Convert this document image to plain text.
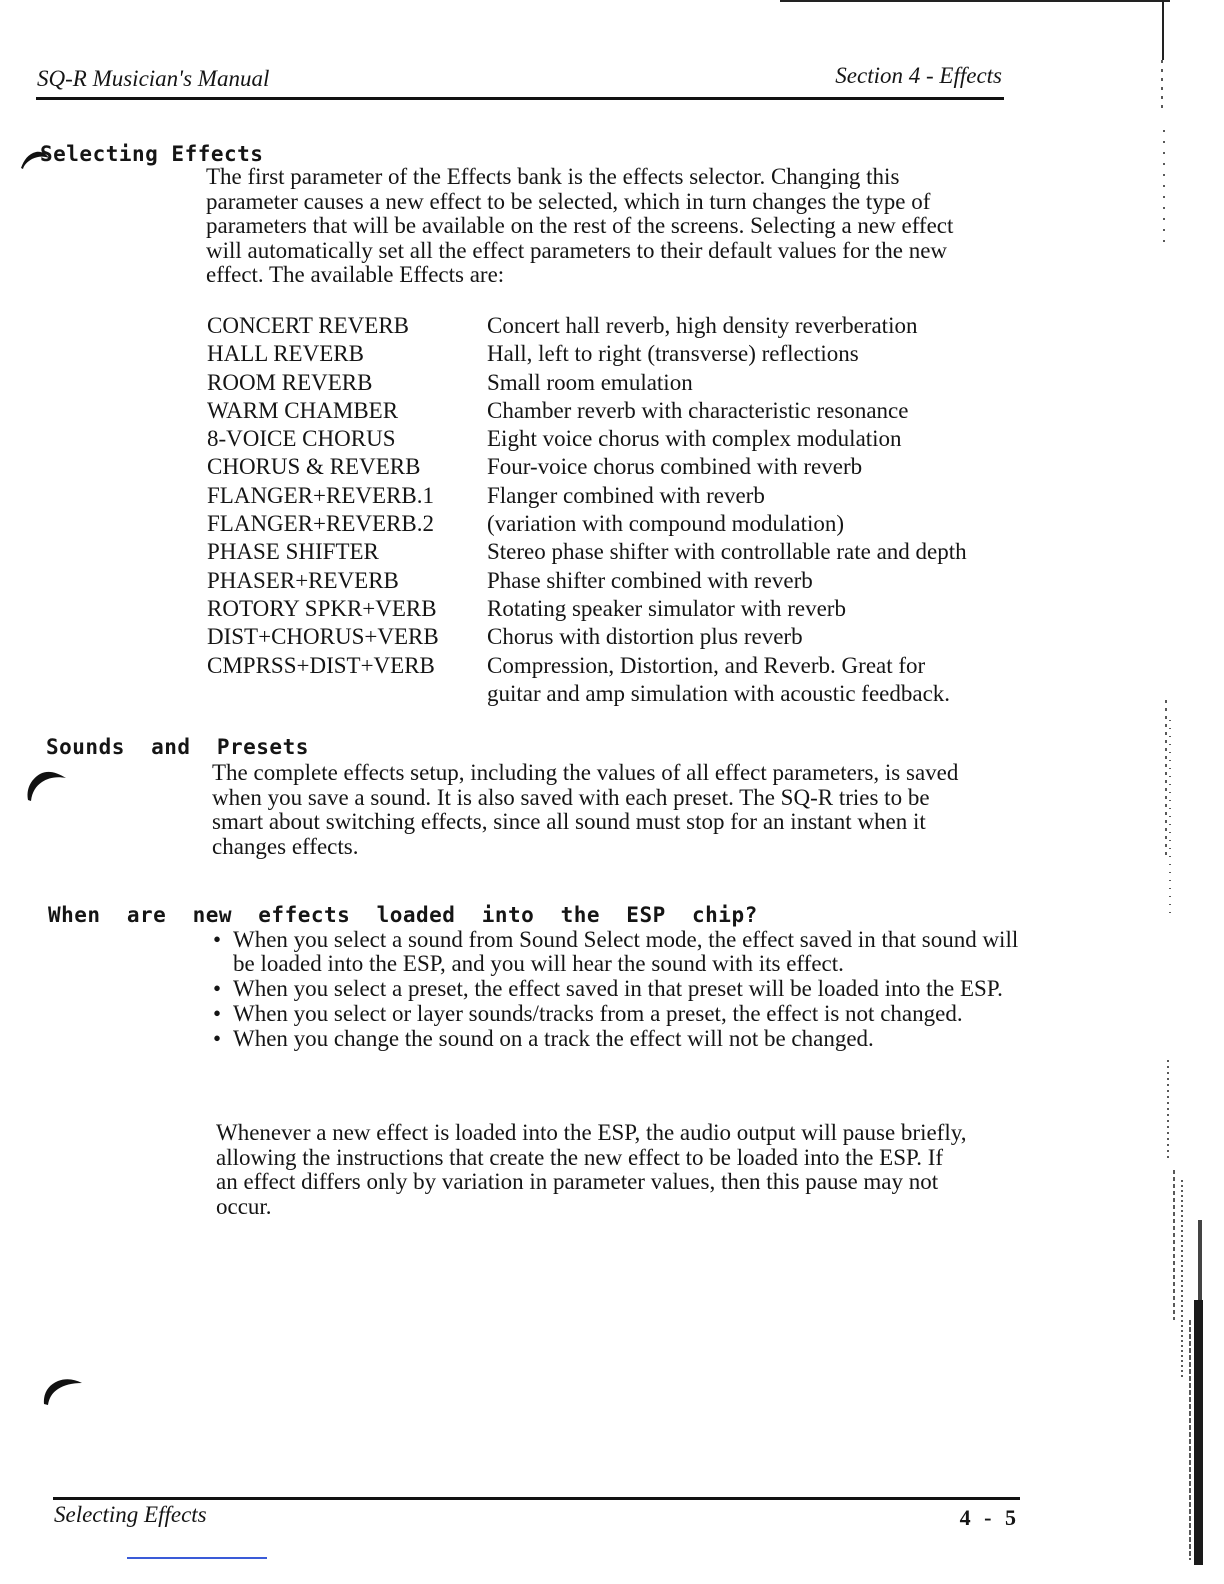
SQ-R Musician's Manual	Section 4 - Effects
Selecting Effects
The first parameter of the Effects bank is the effects selector. Changing this
parameter causes a new effect to be selected, which in turn changes the type of
parameters that will be available on the rest of the screens. Selecting a new effect
will automatically set all the effect parameters to their default values for the new
effect. The available Effects are:
CONCERT REVERB	Concert hall reverb, high density reverberation
HALL REVERB	Hall, left to right (transverse) reflections
ROOM REVERB	Small room emulation
WARM CHAMBER	Chamber reverb with characteristic resonance
8-VOICE CHORUS	Eight voice chorus with complex modulation
CHORUS & REVERB	Four-voice chorus combined with reverb
FLANGER+REVERB.1	Flanger combined with reverb
FLANGER+REVERB.2	(variation with compound modulation)
PHASE SHIFTER	Stereo phase shifter with controllable rate and depth
PHASER+REVERB	Phase shifter combined with reverb
ROTORY SPKR+VERB	Rotating speaker simulator with reverb
DIST+CHORUS+VERB	Chorus with distortion plus reverb
CMPRSS+DIST+VERB	Compression, Distortion, and Reverb. Great for
guitar and amp simulation with acoustic feedback.
Sounds  and  Presets
The complete effects setup, including the values of all effect parameters, is saved
when you save a sound. It is also saved with each preset. The SQ-R tries to be
smart about switching effects, since all sound must stop for an instant when it
changes effects.
When  are  new  effects  loaded  into  the  ESP  chip?
• When you select a sound from Sound Select mode, the effect saved in that sound will be loaded into the ESP, and you will hear the sound with its effect.
• When you select a preset, the effect saved in that preset will be loaded into the ESP.
• When you select or layer sounds/tracks from a preset, the effect is not changed.
• When you change the sound on a track the effect will not be changed.
Whenever a new effect is loaded into the ESP, the audio output will pause briefly,
allowing the instructions that create the new effect to be loaded into the ESP. If
an effect differs only by variation in parameter values, then this pause may not
occur.
Selecting Effects	4 - 5
